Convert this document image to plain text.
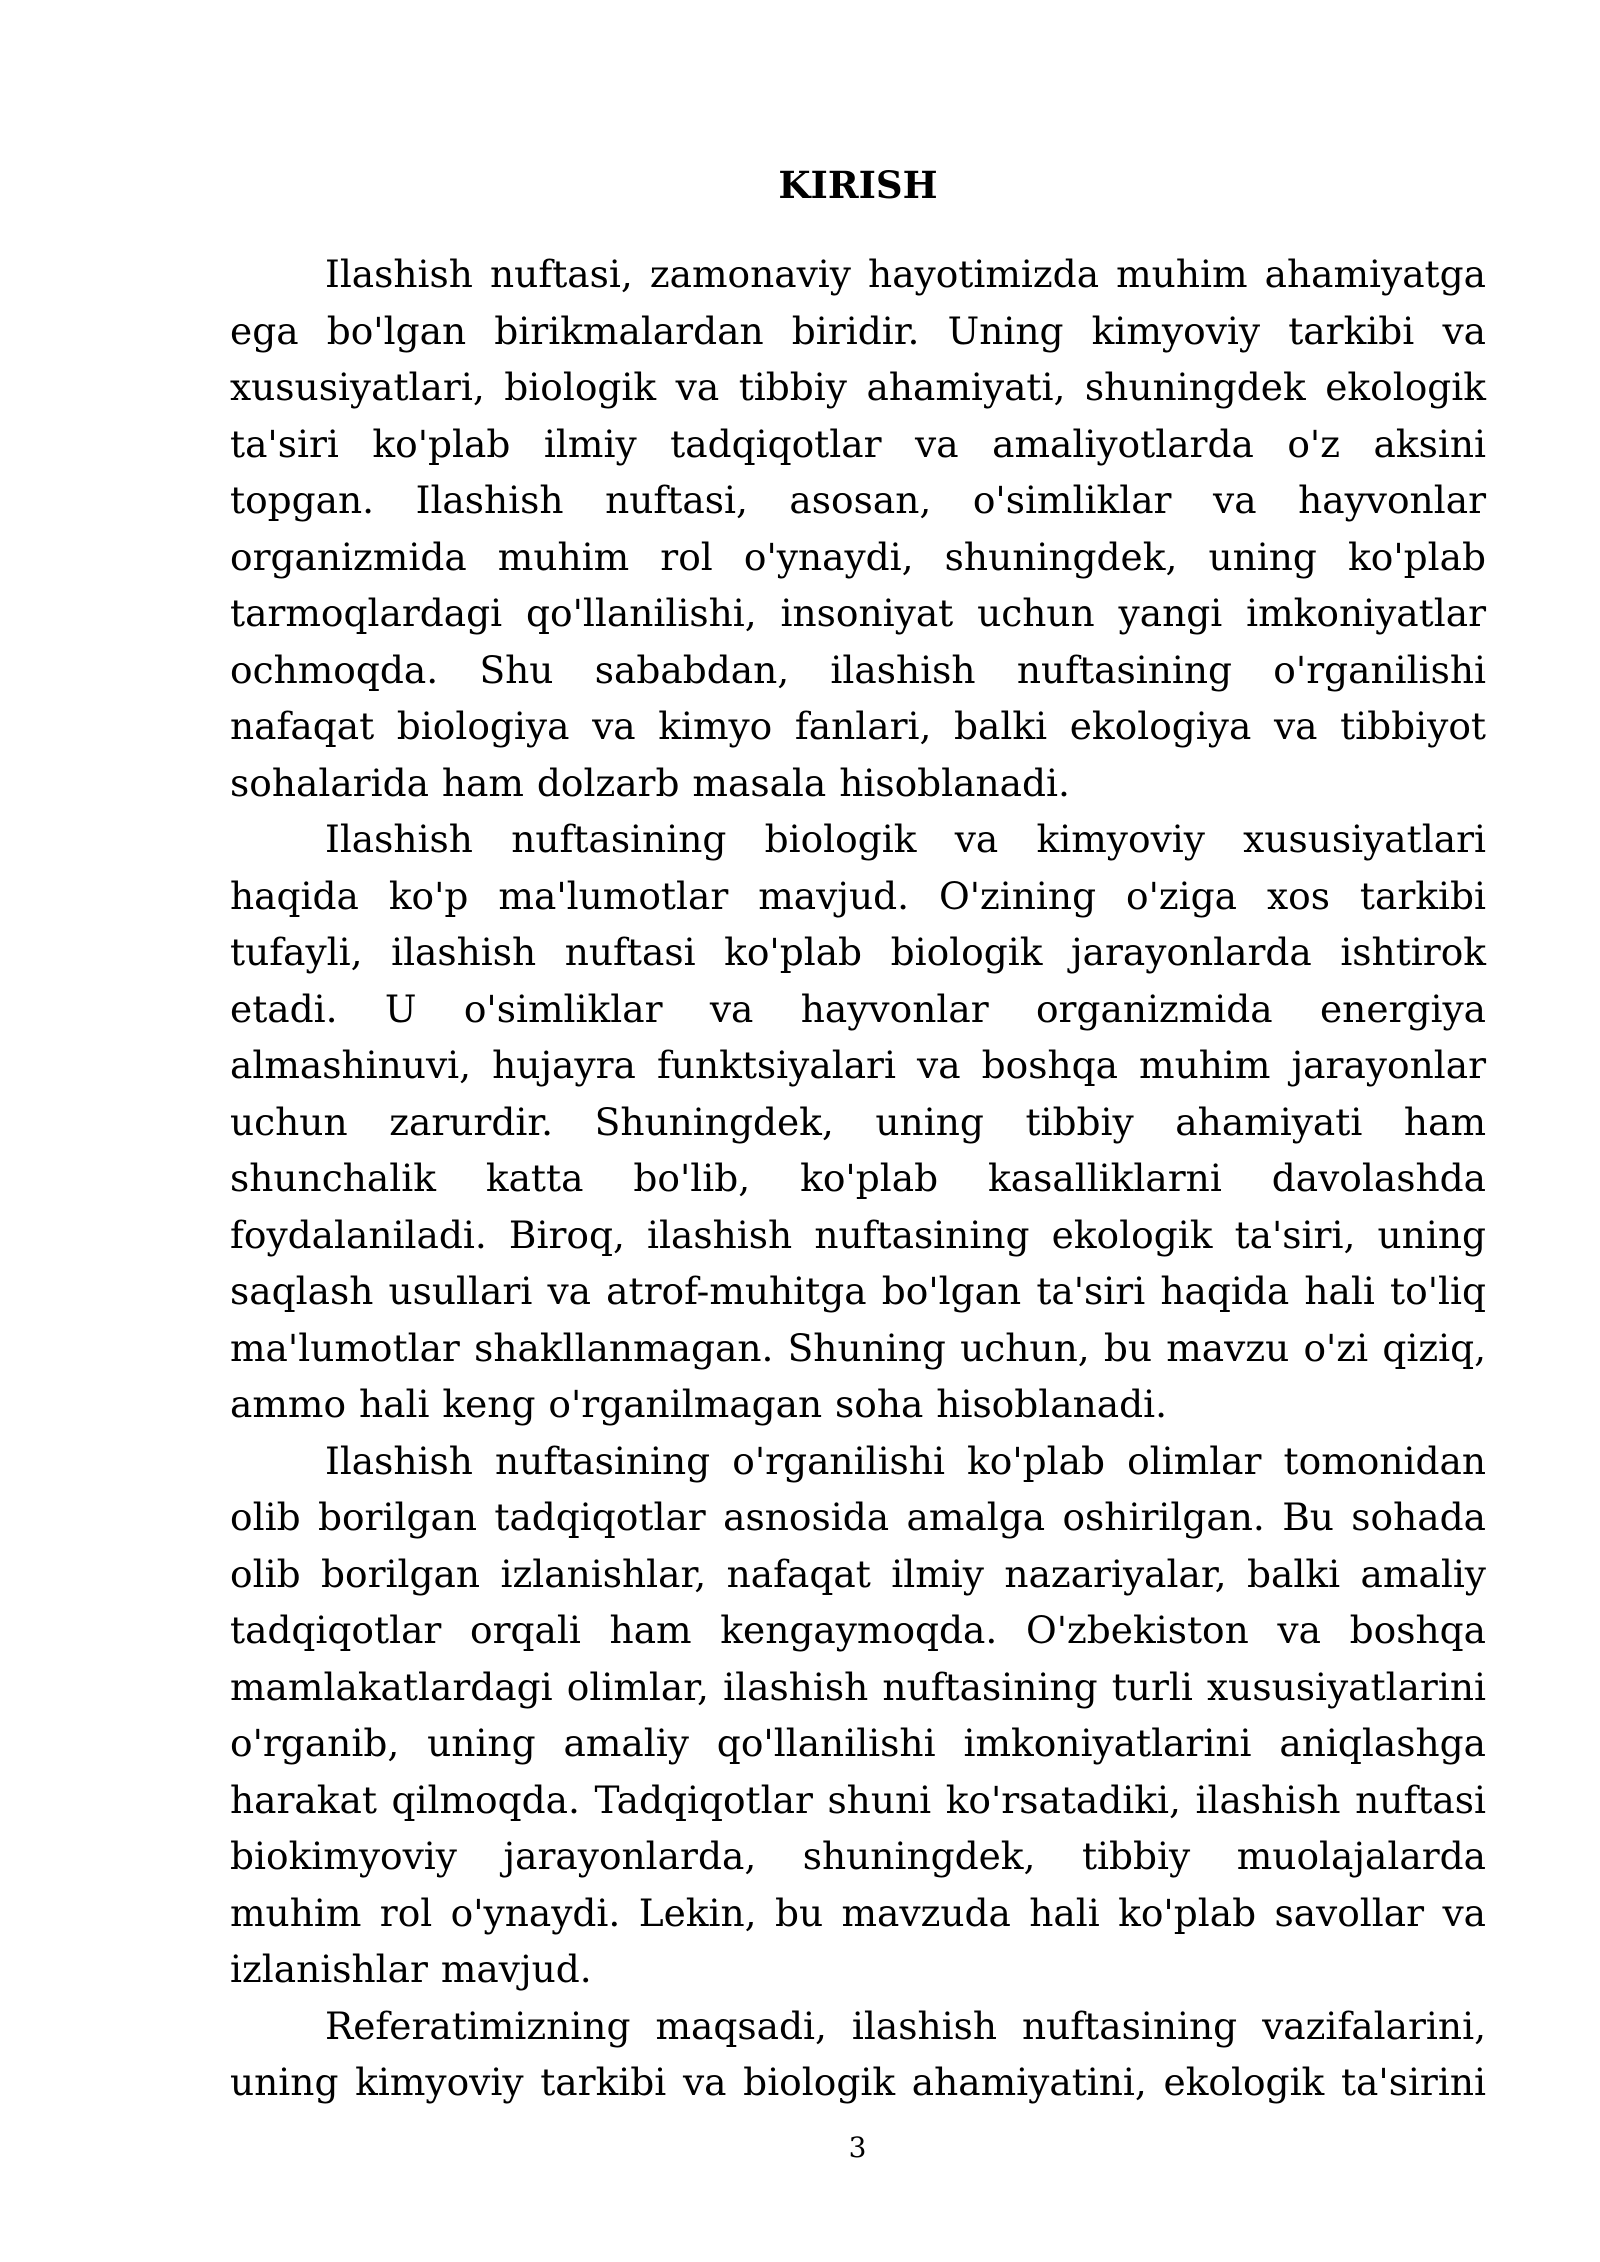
KIRISH

Ilashish nuftasi, zamonaviy hayotimizda muhim ahamiyatga ega bo'lgan birikmalardan biridir. Uning kimyoviy tarkibi va xususiyatlari, biologik va tibbiy ahamiyati, shuningdek ekologik ta'siri ko'plab ilmiy tadqiqotlar va amaliyotlarda o'z aksini topgan. Ilashish nuftasi, asosan, o'simliklar va hayvonlar organizmida muhim rol o'ynaydi, shuningdek, uning ko'plab tarmoqlardagi qo'llanilishi, insoniyat uchun yangi imkoniyatlar ochmoqda. Shu sababdan, ilashish nuftasining o'rganilishi nafaqat biologiya va kimyo fanlari, balki ekologiya va tibbiyot sohalarida ham dolzarb masala hisoblanadi.

Ilashish nuftasining biologik va kimyoviy xususiyatlari haqida ko'p ma'lumotlar mavjud. O'zining o'ziga xos tarkibi tufayli, ilashish nuftasi ko'plab biologik jarayonlarda ishtirok etadi. U o'simliklar va hayvonlar organizmida energiya almashinuvi, hujayra funktsiyalari va boshqa muhim jarayonlar uchun zarurdir. Shuningdek, uning tibbiy ahamiyati ham shunchalik katta bo'lib, ko'plab kasalliklarni davolashda foydalaniladi. Biroq, ilashish nuftasining ekologik ta'siri, uning saqlash usullari va atrof-muhitga bo'lgan ta'siri haqida hali to'liq ma'lumotlar shakllanmagan. Shuning uchun, bu mavzu o'zi qiziq, ammo hali keng o'rganilmagan soha hisoblanadi.

Ilashish nuftasining o'rganilishi ko'plab olimlar tomonidan olib borilgan tadqiqotlar asnosida amalga oshirilgan. Bu sohada olib borilgan izlanishlar, nafaqat ilmiy nazariyalar, balki amaliy tadqiqotlar orqali ham kengaymoqda. O'zbekiston va boshqa mamlakatlardagi olimlar, ilashish nuftasining turli xususiyatlarini o'rganib, uning amaliy qo'llanilishi imkoniyatlarini aniqlashga harakat qilmoqda. Tadqiqotlar shuni ko'rsatadiki, ilashish nuftasi biokimyoviy jarayonlarda, shuningdek, tibbiy muolajalarda muhim rol o'ynaydi. Lekin, bu mavzuda hali ko'plab savollar va izlanishlar mavjud.

Referatimizning maqsadi, ilashish nuftasining vazifalarini, uning kimyoviy tarkibi va biologik ahamiyatini, ekologik ta'sirini

3
